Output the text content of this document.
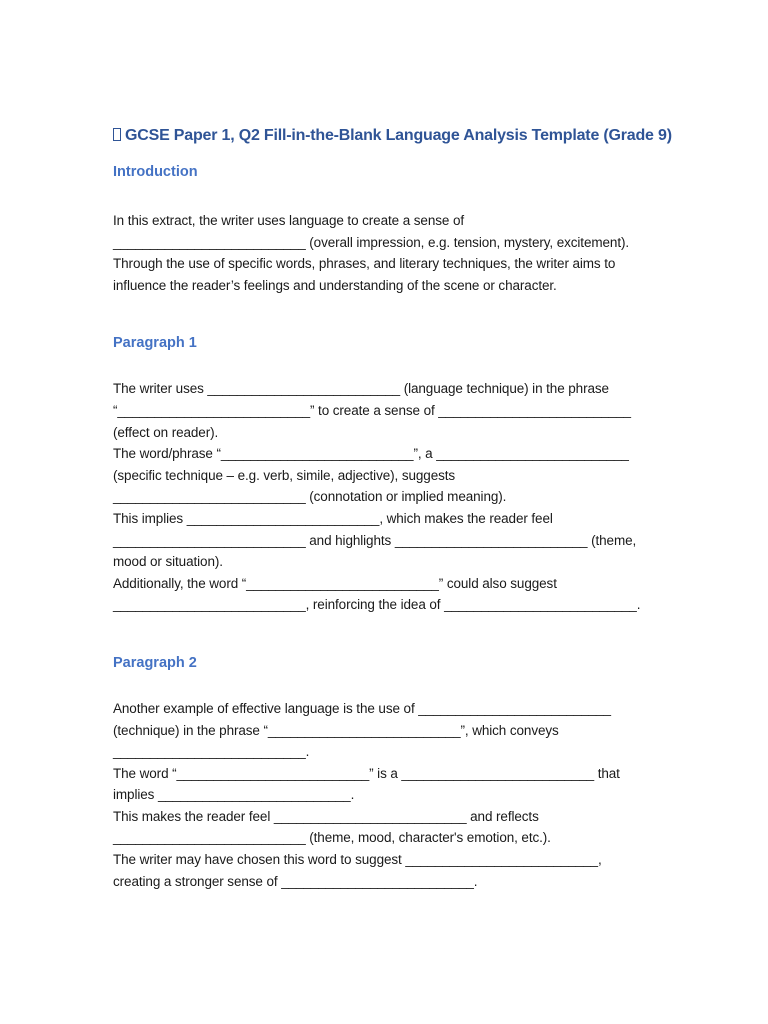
GCSE Paper 1, Q2 Fill-in-the-Blank Language Analysis Template (Grade 9)
Introduction

In this extract, the writer uses language to create a sense of
__________________________ (overall impression, e.g. tension, mystery, excitement).
Through the use of specific words, phrases, and literary techniques, the writer aims to
influence the reader’s feelings and understanding of the scene or character.

Paragraph 1

The writer uses __________________________ (language technique) in the phrase
“__________________________” to create a sense of __________________________
(effect on reader).
The word/phrase “__________________________”, a __________________________
(specific technique – e.g. verb, simile, adjective), suggests
__________________________ (connotation or implied meaning).
This implies __________________________, which makes the reader feel
__________________________ and highlights __________________________ (theme,
mood or situation).
Additionally, the word “__________________________” could also suggest
__________________________, reinforcing the idea of __________________________.

Paragraph 2

Another example of effective language is the use of __________________________
(technique) in the phrase “__________________________”, which conveys
__________________________.
The word “__________________________” is a __________________________ that
implies __________________________.
This makes the reader feel __________________________ and reflects
__________________________ (theme, mood, character's emotion, etc.).
The writer may have chosen this word to suggest __________________________,
creating a stronger sense of __________________________.
